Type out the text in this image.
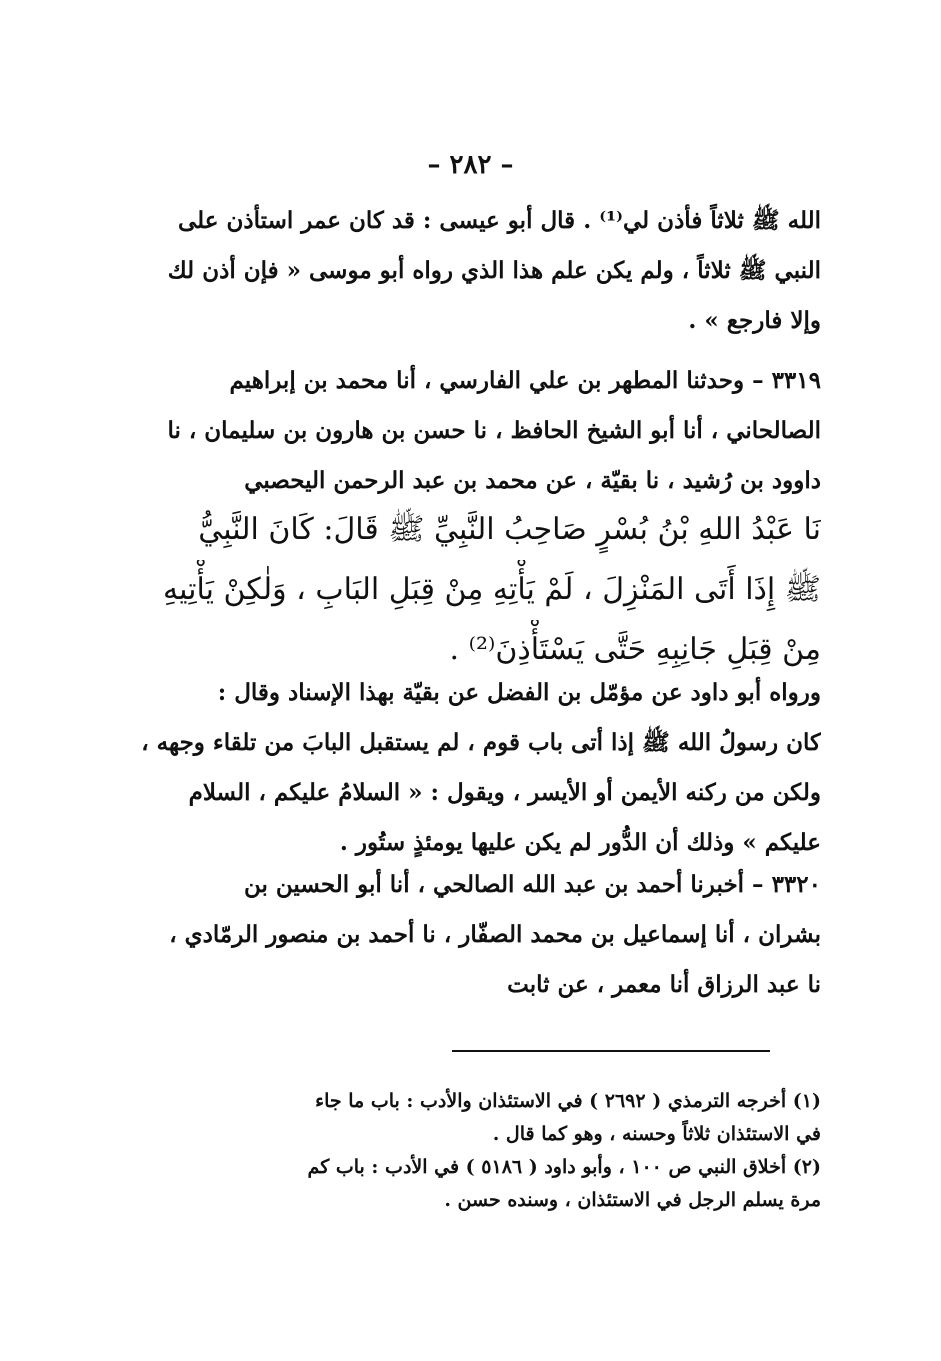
– ٢٨٢ –
الله ﷺ ثلاثاً فأذن لي⁽¹⁾ . قال أبو عيسى : قد كان عمر استأذن على
النبي ﷺ ثلاثاً ، ولم يكن علم هذا الذي رواه أبو موسى « فإن أذن لك
وإلا فارجع » .
٣٣١٩ – وحدثنا المطهر بن علي الفارسي ، أنا محمد بن إبراهيم
الصالحاني ، أنا أبو الشيخ الحافظ ، نا حسن بن هارون بن سليمان ، نا
داوود بن رُشيد ، نا بقيّة ، عن محمد بن عبد الرحمن اليحصبي
نَا عَبْدُ اللهِ بْنُ بُسْرٍ صَاحِبُ النَّبِيِّ ﷺ قَالَ: كَانَ النَّبِيُّ
ﷺ إِذَا أَتَى المَنْزِلَ ، لَمْ يَأْتِهِ مِنْ قِبَلِ البَابِ ، وَلٰكِنْ يَأْتِيهِ
مِنْ قِبَلِ جَانِبِهِ حَتَّى يَسْتَأْذِنَ⁽²⁾ .
ورواه أبو داود عن مؤمّل بن الفضل عن بقيّة بهذا الإسناد وقال :
كان رسولُ الله ﷺ إذا أتى باب قوم ، لم يستقبل البابَ من تلقاء وجهه ،
ولكن من ركنه الأيمن أو الأيسر ، ويقول : « السلامُ عليكم ، السلام
عليكم » وذلك أن الدُّور لم يكن عليها يومئذٍ ستُور .
٣٣٢٠ – أخبرنا أحمد بن عبد الله الصالحي ، أنا أبو الحسين بن
بشران ، أنا إسماعيل بن محمد الصفّار ، نا أحمد بن منصور الرمّادي ،
نا عبد الرزاق أنا معمر ، عن ثابت
(١) أخرجه الترمذي ( ٢٦٩٢ ) في الاستئذان والأدب : باب ما جاء
في الاستئذان ثلاثاً وحسنه ، وهو كما قال .
(٢) أخلاق النبي ص ١٠٠ ، وأبو داود ( ٥١٨٦ ) في الأدب : باب كم
مرة يسلم الرجل في الاستئذان ، وسنده حسن .
